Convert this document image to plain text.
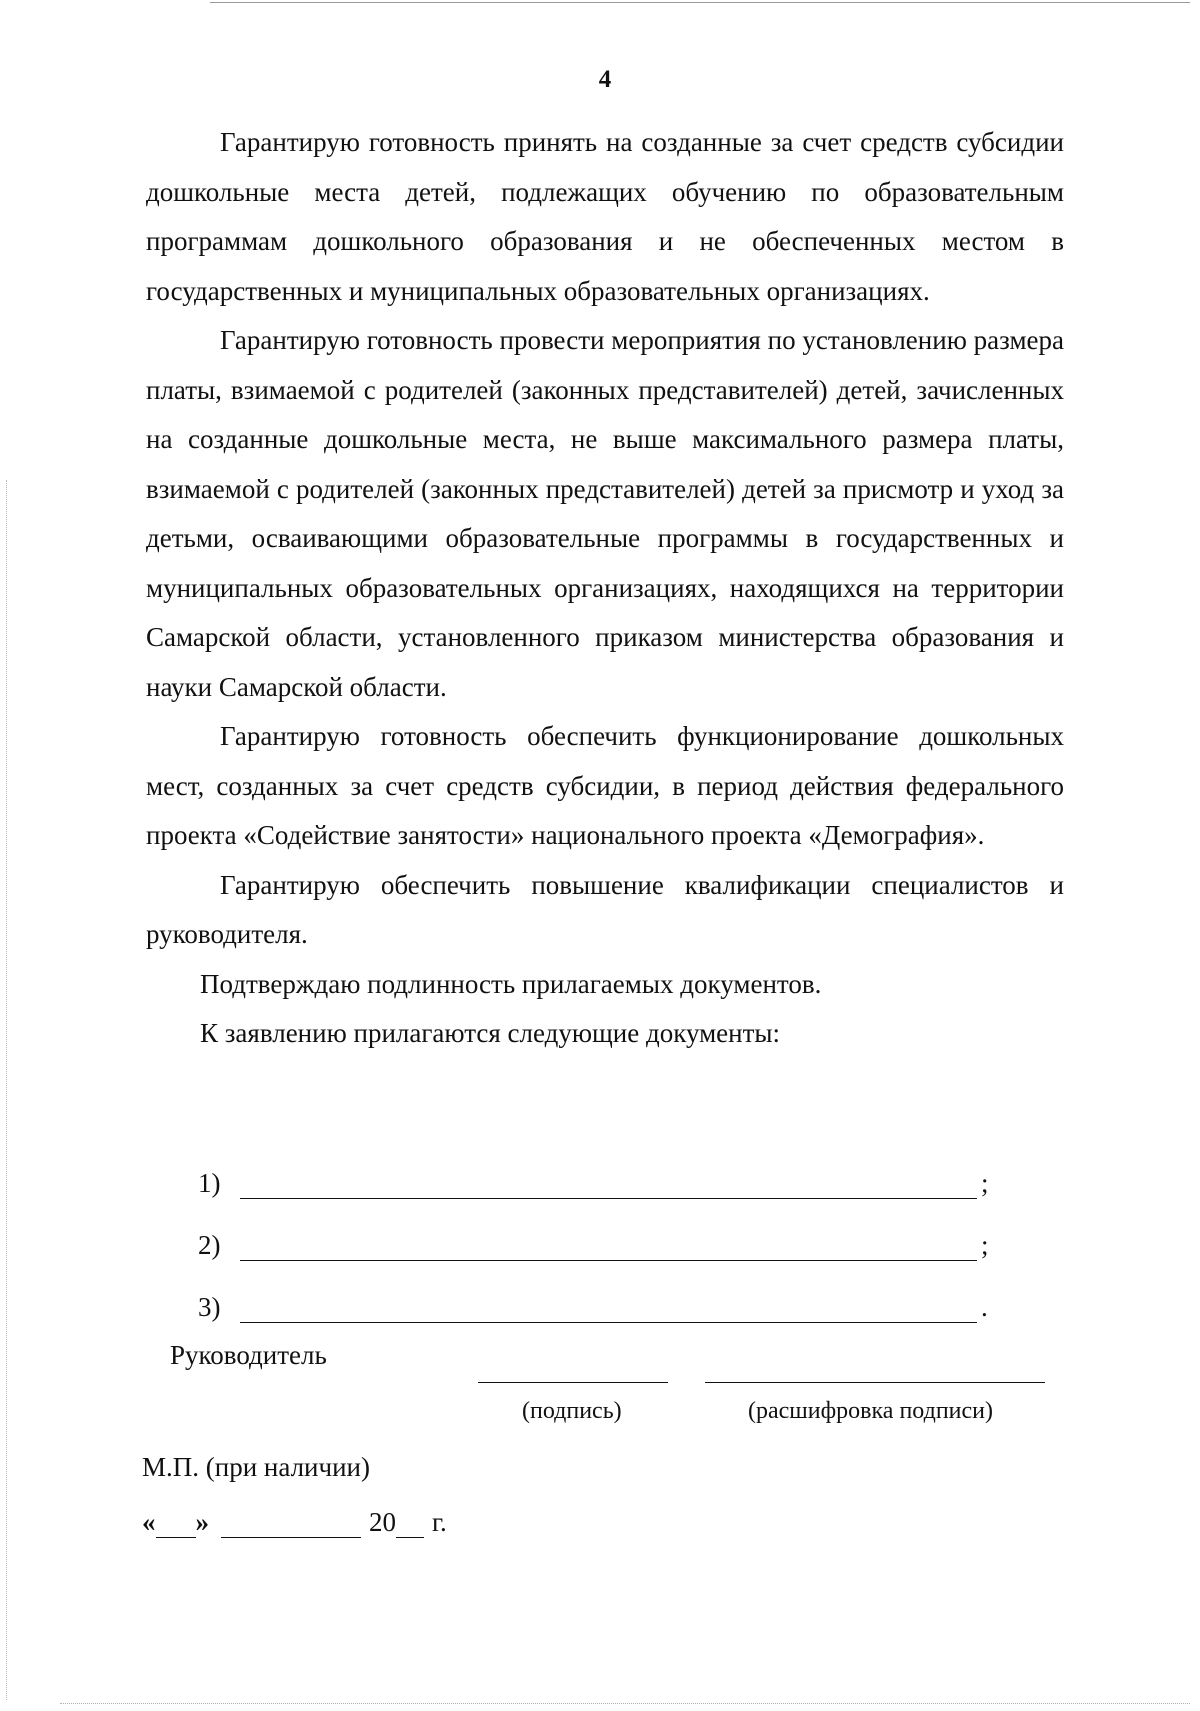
4

Гарантирую готовность принять на созданные за счет средств субсидии дошкольные места детей, подлежащих обучению по образовательным программам дошкольного образования и не обеспеченных местом в государственных и муниципальных образовательных организациях.

Гарантирую готовность провести мероприятия по установлению размера платы, взимаемой с родителей (законных представителей) детей, зачисленных на созданные дошкольные места, не выше максимального размера платы, взимаемой с родителей (законных представителей) детей за присмотр и уход за детьми, осваивающими образовательные программы в государственных и муниципальных образовательных организациях, находящихся на территории Самарской области, установленного приказом министерства образования и науки Самарской области.

Гарантирую готовность обеспечить функционирование дошкольных мест, созданных за счет средств субсидии, в период действия федерального проекта «Содействие занятости» национального проекта «Демография».

Гарантирую обеспечить повышение квалификации специалистов и руководителя.

Подтверждаю подлинность прилагаемых документов.

К заявлению прилагаются следующие документы:

1)	;
2)	;
3)	.
Руководитель
(подпись)	(расшифровка подписи)
М.П. (при наличии)
« »	20 г.
